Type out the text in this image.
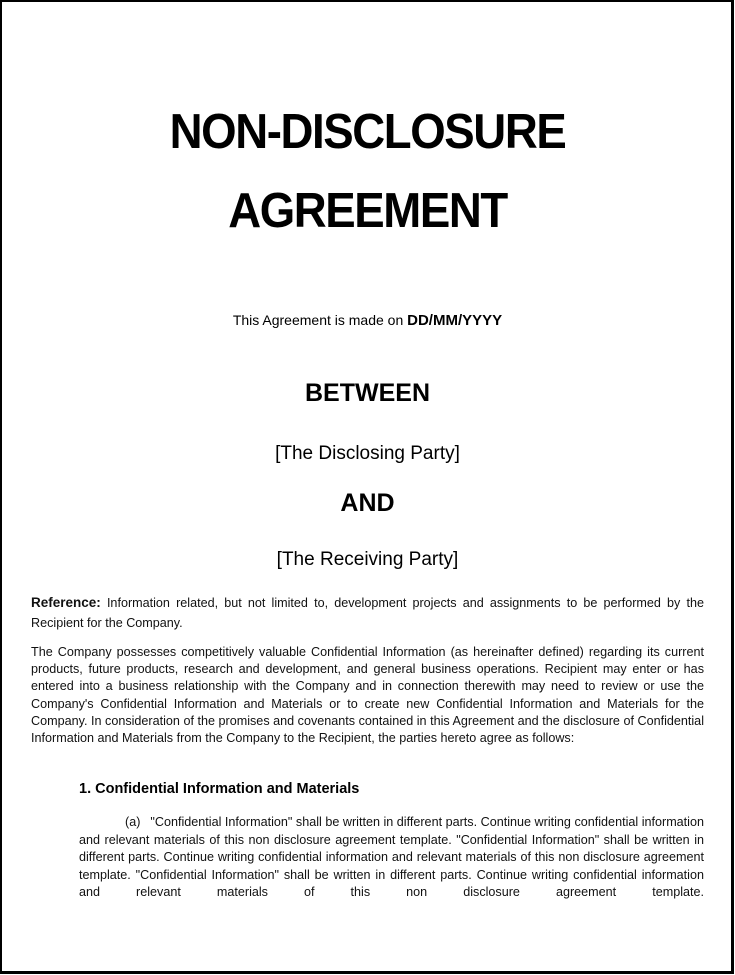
NON-DISCLOSURE
AGREEMENT
This Agreement is made on DD/MM/YYYY
BETWEEN
[The Disclosing Party]
AND
[The Receiving Party]
Reference: Information related, but not limited to, development projects and assignments to be performed by the Recipient for the Company.
The Company possesses competitively valuable Confidential Information (as hereinafter defined) regarding its current products, future products, research and development, and general business operations. Recipient may enter or has entered into a business relationship with the Company and in connection therewith may need to review or use the Company's Confidential Information and Materials or to create new Confidential Information and Materials for the Company. In consideration of the promises and covenants contained in this Agreement and the disclosure of Confidential Information and Materials from the Company to the Recipient, the parties hereto agree as follows:
1. Confidential Information and Materials
(a) "Confidential Information" shall be written in different parts. Continue writing confidential information and relevant materials of this non disclosure agreement template. "Confidential Information" shall be written in different parts. Continue writing confidential information and relevant materials of this non disclosure agreement template. "Confidential Information" shall be written in different parts. Continue writing confidential information and relevant materials of this non disclosure agreement template.
